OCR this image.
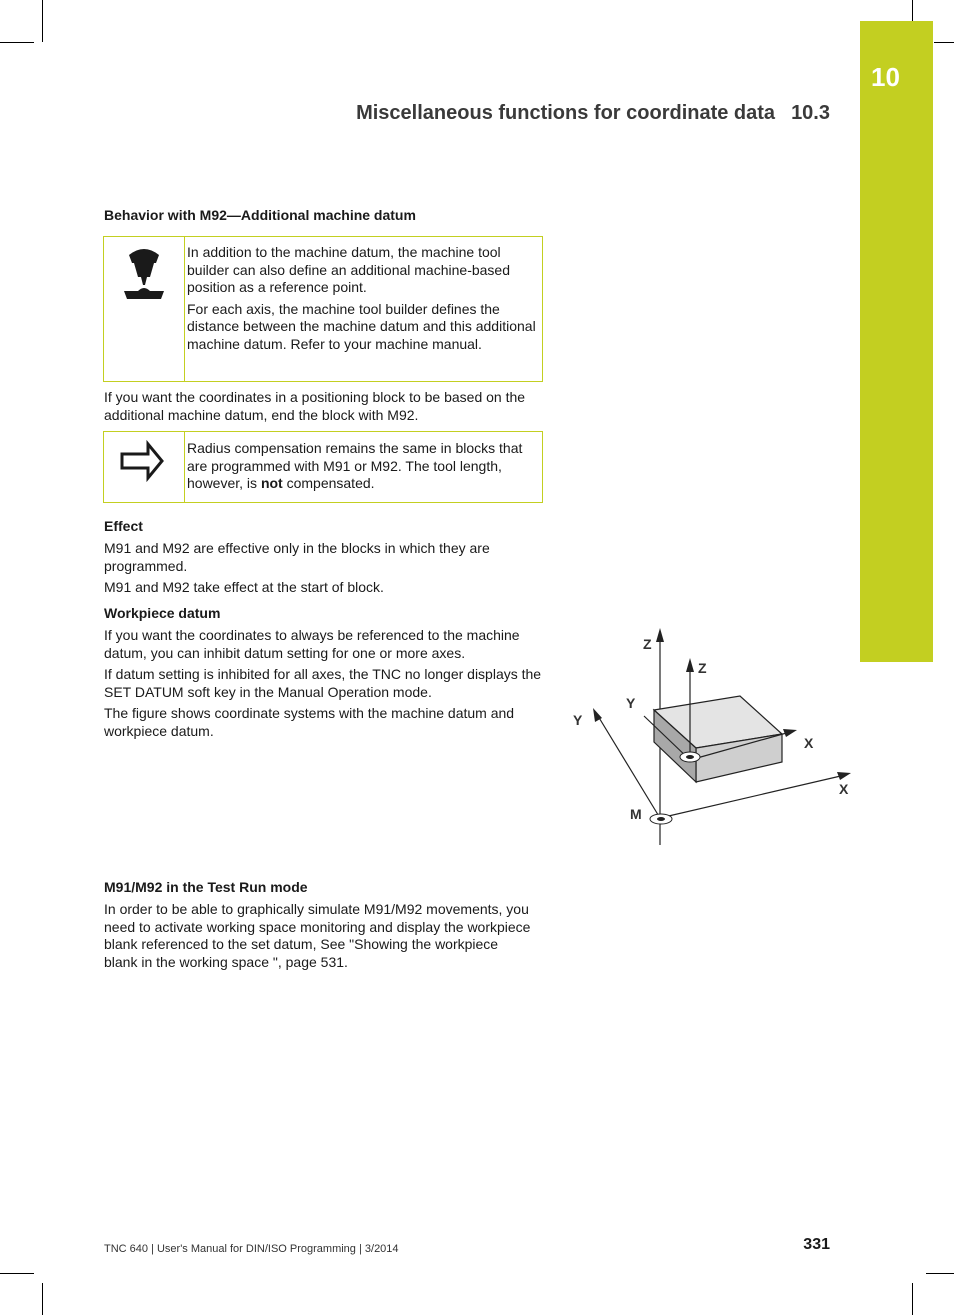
10
Miscellaneous functions for coordinate data 10.3
Behavior with M92—Additional machine datum

In addition to the machine datum, the machine tool builder can also define an additional machine-based position as a reference point.

For each axis, the machine tool builder defines the distance between the machine datum and this additional machine datum. Refer to your machine manual.

If you want the coordinates in a positioning block to be based on the additional machine datum, end the block with M92.

Radius compensation remains the same in blocks that are programmed with M91 or M92. The tool length, however, is not compensated.

Effect
M91 and M92 are effective only in the blocks in which they are programmed.
M91 and M92 take effect at the start of block.
Workpiece datum
If you want the coordinates to always be referenced to the machine datum, you can inhibit datum setting for one or more axes.
If datum setting is inhibited for all axes, the TNC no longer displays the SET DATUM soft key in the Manual Operation mode.
The figure shows coordinate systems with the machine datum and workpiece datum.
Z
Z
Y
Y
X
X
M
M91/M92 in the Test Run mode
In order to be able to graphically simulate M91/M92 movements, you need to activate working space monitoring and display the workpiece blank referenced to the set datum, See "Showing the workpiece blank in the working space ", page 531.
TNC 640 | User's Manual for DIN/ISO Programming | 3/2014	331
